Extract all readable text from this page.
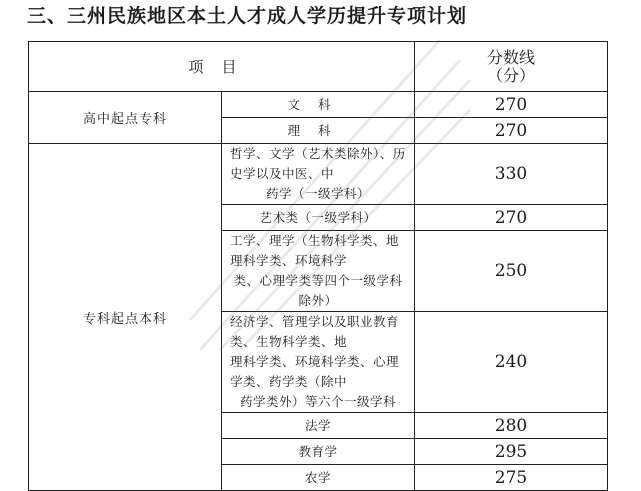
三、三州民族地区本土人才成人学历提升专项计划
项目		分数线
（分）
高中起点专科	文科	270
	理科	270
专科起点本科	哲学、文学（艺术类除外）、历史学以及中医、中
药学（一级学科）	330
	艺术类（一级学科）	270
	工学、理学（生物科学类、地理科学类、环境科学
类、心理学类等四个一级学科除外）	250
	经济学、管理学以及职业教育类、生物科学类、地
理科学类、环境科学类、心理学类、药学类（除中
药学类外）等六个一级学科	240
	法学	280
	教育学	295
	农学	275
